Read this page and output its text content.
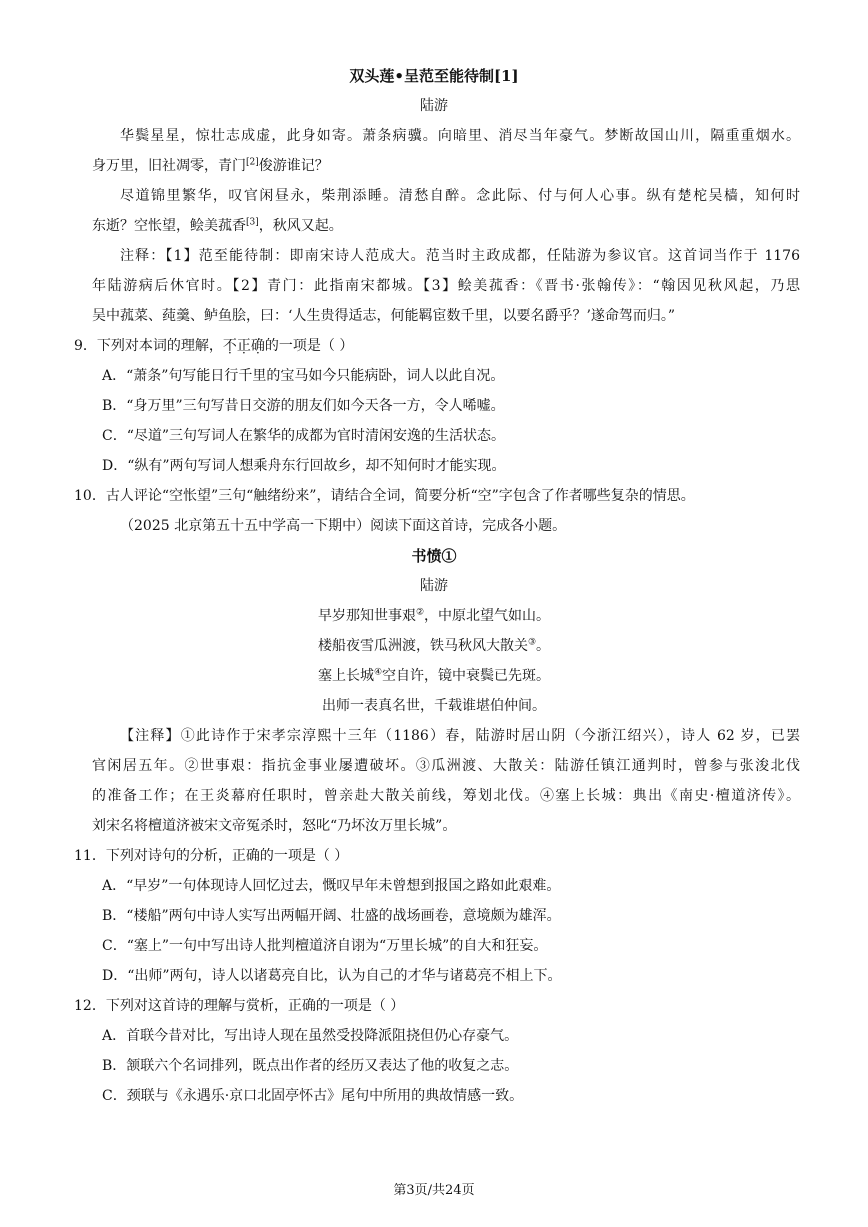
双头莲•呈范至能待制[1]
陆游
华鬓星星，惊壮志成虚，此身如寄。萧条病骥。向暗里、消尽当年豪气。梦断故国山川，隔重重烟水。
身万里，旧社凋零，青门[2]俊游谁记？
尽道锦里繁华，叹官闲昼永，柴荆添睡。清愁自醉。念此际、付与何人心事。纵有楚柁吴樯，知何时
东逝？空怅望，鲙美菰香[3]，秋风又起。
注释：【1】范至能待制：即南宋诗人范成大。范当时主政成都，任陆游为参议官。这首词当作于 1176
年陆游病后休官时。【2】青门：此指南宋都城。【3】鲙美菰香：《晋书·张翰传》：“翰因见秋风起，乃思
吴中菰菜、莼羹、鲈鱼脍，曰：‘人生贵得适志，何能羁宦数千里，以要名爵乎？’遂命驾而归。”
9．下列对本词的理解，不正确的一项是（ ）
A．“萧条”句写能日行千里的宝马如今只能病卧，词人以此自况。
B．“身万里”三句写昔日交游的朋友们如今天各一方，令人唏嘘。
C．“尽道”三句写词人在繁华的成都为官时清闲安逸的生活状态。
D．“纵有”两句写词人想乘舟东行回故乡，却不知何时才能实现。
10．古人评论“空怅望”三句“触绪纷来”，请结合全词，简要分析“空”字包含了作者哪些复杂的情思。
（2025 北京第五十五中学高一下期中）阅读下面这首诗，完成各小题。
书愤①
陆游
早岁那知世事艰②，中原北望气如山。
楼船夜雪瓜洲渡，铁马秋风大散关③。
塞上长城④空自许，镜中衰鬓已先斑。
出师一表真名世，千载谁堪伯仲间。
【注释】①此诗作于宋孝宗淳熙十三年（1186）春，陆游时居山阴（今浙江绍兴），诗人 62 岁，已罢
官闲居五年。②世事艰：指抗金事业屡遭破坏。③瓜洲渡、大散关：陆游任镇江通判时，曾参与张浚北伐
的准备工作；在王炎幕府任职时，曾亲赴大散关前线，筹划北伐。④塞上长城：典出《南史·檀道济传》。
刘宋名将檀道济被宋文帝冤杀时，怒叱“乃坏汝万里长城”。
11．下列对诗句的分析，正确的一项是（ ）
A．“早岁”一句体现诗人回忆过去，慨叹早年未曾想到报国之路如此艰难。
B．“楼船”两句中诗人实写出两幅开阔、壮盛的战场画卷，意境颇为雄浑。
C．“塞上”一句中写出诗人批判檀道济自诩为“万里长城”的自大和狂妄。
D．“出师”两句，诗人以诸葛亮自比，认为自己的才华与诸葛亮不相上下。
12．下列对这首诗的理解与赏析，正确的一项是（ ）
A．首联今昔对比，写出诗人现在虽然受投降派阻挠但仍心存豪气。
B．颔联六个名词排列，既点出作者的经历又表达了他的收复之志。
C．颈联与《永遇乐·京口北固亭怀古》尾句中所用的典故情感一致。
第3页/共24页
